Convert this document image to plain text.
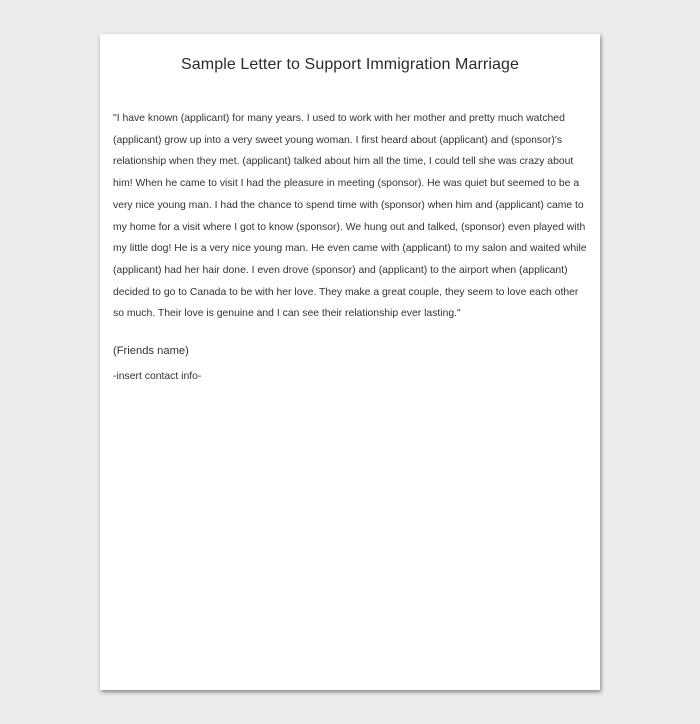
Sample Letter to Support Immigration Marriage

"I have known (applicant) for many years. I used to work with her mother and pretty much watched (applicant) grow up into a very sweet young woman. I first heard about (applicant) and (sponsor)'s relationship when they met. (applicant) talked about him all the time, I could tell she was crazy about him! When he came to visit I had the pleasure in meeting (sponsor). He was quiet but seemed to be a very nice young man. I had the chance to spend time with (sponsor) when him and (applicant) came to my home for a visit where I got to know (sponsor). We hung out and talked, (sponsor) even played with my little dog! He is a very nice young man. He even came with (applicant) to my salon and waited while (applicant) had her hair done. I even drove (sponsor) and (applicant) to the airport when (applicant) decided to go to Canada to be with her love. They make a great couple, they seem to love each other so much. Their love is genuine and I can see their relationship ever lasting."

(Friends name)

-insert contact info-
